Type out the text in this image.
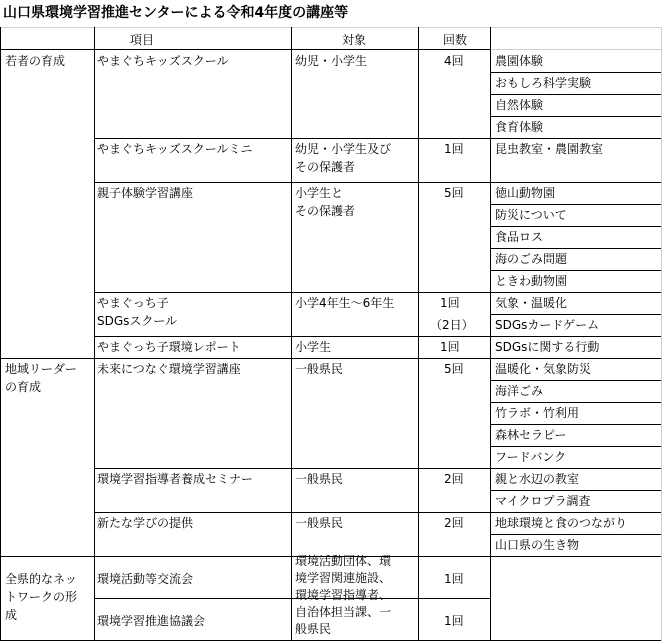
山口県環境学習推進センターによる令和4年度の講座等
項目	対象	回数
若者の育成
地域リーダー
の育成
全県的なネッ
トワークの形
成
やまぐちキッズスクール
やまぐちキッズスクールミニ
親子体験学習講座
やまぐっち子
SDGsスクール
やまぐっち子環境レポート
未来につなぐ環境学習講座
環境学習指導者養成セミナー
新たな学びの提供
環境活動等交流会
環境学習推進協議会
幼児・小学生
幼児・小学生及び
その保護者
小学生と
その保護者
小学4年生～6年生
小学生
一般県民
一般県民
一般県民
環境活動団体、環
境学習関連施設、
環境学習指導者、
自治体担当課、一
般県民
4回
1回
5回
1回
（2日）
1回
5回
2回
2回
1回
1回
農園体験
おもしろ科学実験
自然体験
食育体験
昆虫教室・農園教室
徳山動物園
防災について
食品ロス
海のごみ問題
ときわ動物園
気象・温暖化
SDGsカードゲーム
SDGsに関する行動
温暖化・気象防災
海洋ごみ
竹ラボ・竹利用
森林セラピー
フードバンク
親と水辺の教室
マイクロプラ調査
地球環境と食のつながり
山口県の生き物
